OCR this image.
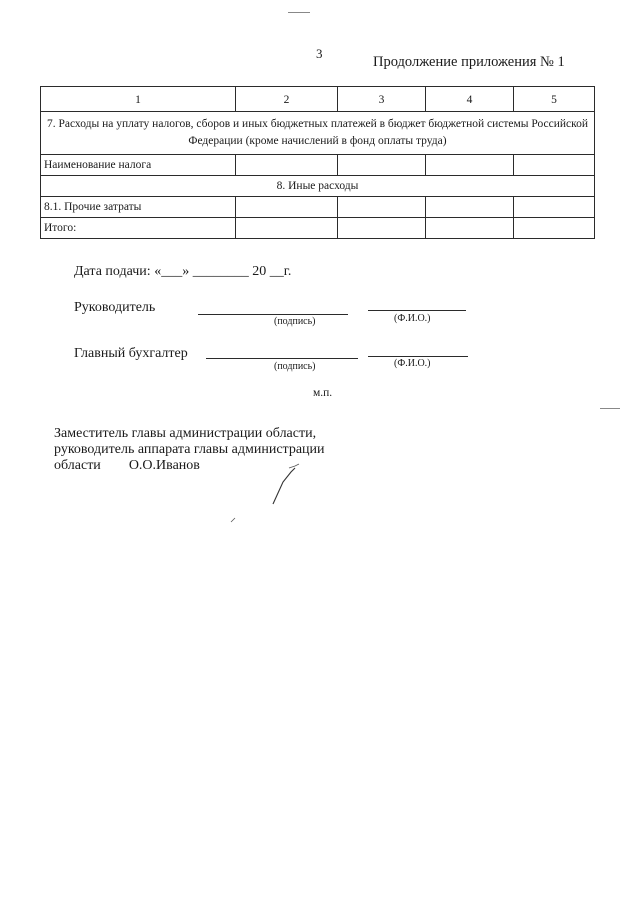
3
Продолжение приложения № 1
1	2	3	4	5
7. Расходы на уплату налогов, сборов и иных бюджетных платежей в бюджет бюджетной системы Российской Федерации (кроме начислений в фонд оплаты труда)				
Наименование налога				
8. Иные расходы				
8.1. Прочие затраты				
Итого:				
Дата подачи: «___» ________ 20 __г.
Руководитель
(подпись)	(Ф.И.О.)
Главный бухгалтер
(подпись)	(Ф.И.О.)
м.п.
Заместитель главы администрации области,
руководитель аппарата главы администрации
области О.О.Иванов
